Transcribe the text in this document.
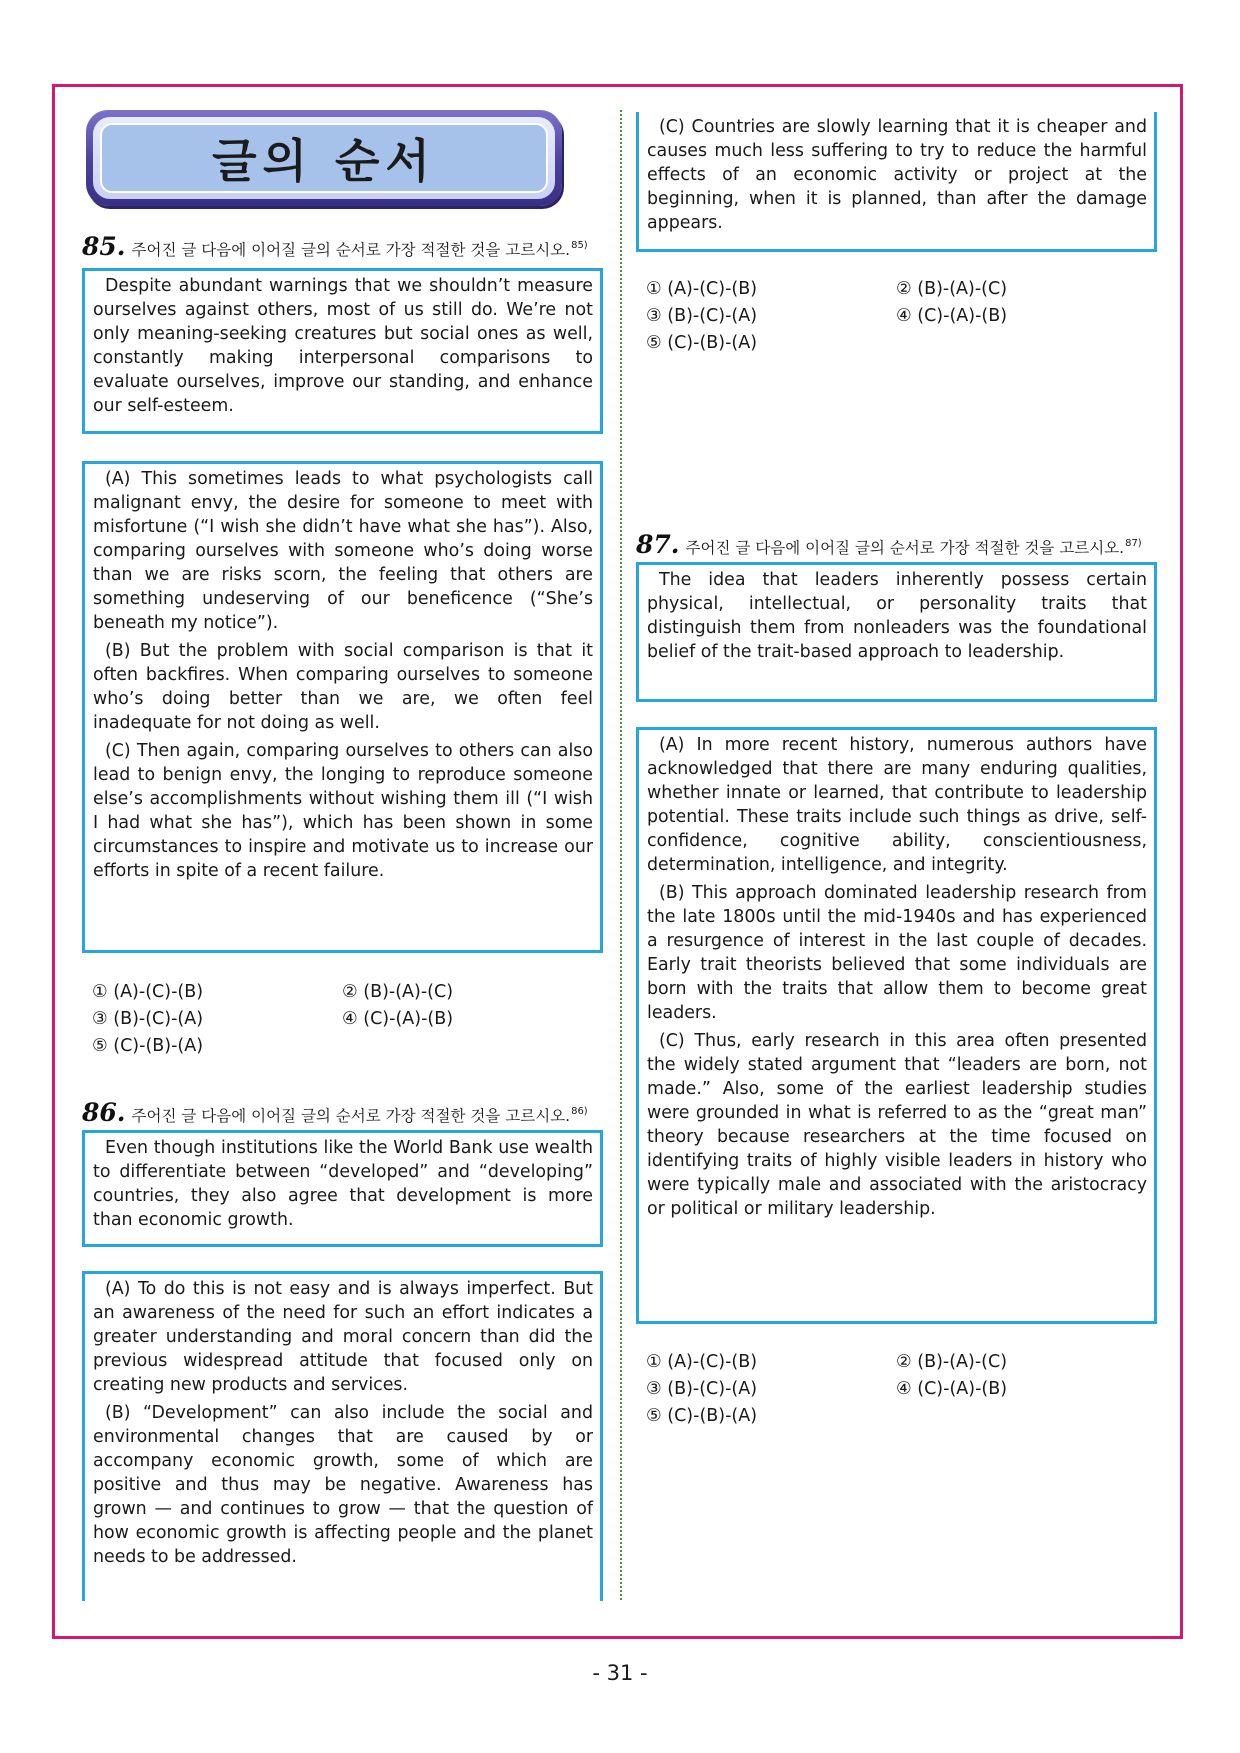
글의 순서
85. 주어진 글 다음에 이어질 글의 순서로 가장 적절한 것을 고르시오. 85)

Despite abundant warnings that we shouldn’t measure ourselves against others, most of us still do. We’re not only meaning-seeking creatures but social ones as well, constantly making interpersonal comparisons to evaluate ourselves, improve our standing, and enhance our self-esteem.

(A) This sometimes leads to what psychologists call malignant envy, the desire for someone to meet with misfortune (“I wish she didn’t have what she has”). Also, comparing ourselves with someone who’s doing worse than we are risks scorn, the feeling that others are something undeserving of our beneficence (“She’s beneath my notice”).

(B) But the problem with social comparison is that it often backfires. When comparing ourselves to someone who’s doing better than we are, we often feel inadequate for not doing as well.

(C) Then again, comparing ourselves to others can also lead to benign envy, the longing to reproduce someone else’s accomplishments without wishing them ill (“I wish I had what she has”), which has been shown in some circumstances to inspire and motivate us to increase our efforts in spite of a recent failure.

① (A)-(C)-(B)	② (B)-(A)-(C)
③ (B)-(C)-(A)	④ (C)-(A)-(B)
⑤ (C)-(B)-(A)
86. 주어진 글 다음에 이어질 글의 순서로 가장 적절한 것을 고르시오. 86)

Even though institutions like the World Bank use wealth to differentiate between “developed” and “developing” countries, they also agree that development is more than economic growth.

(A) To do this is not easy and is always imperfect. But an awareness of the need for such an effort indicates a greater understanding and moral concern than did the previous widespread attitude that focused only on creating new products and services.

(B) “Development” can also include the social and environmental changes that are caused by or accompany economic growth, some of which are positive and thus may be negative. Awareness has grown — and continues to grow — that the question of how economic growth is affecting people and the planet needs to be addressed.

(C) Countries are slowly learning that it is cheaper and causes much less suffering to try to reduce the harmful effects of an economic activity or project at the beginning, when it is planned, than after the damage appears.

① (A)-(C)-(B)	② (B)-(A)-(C)
③ (B)-(C)-(A)	④ (C)-(A)-(B)
⑤ (C)-(B)-(A)
87. 주어진 글 다음에 이어질 글의 순서로 가장 적절한 것을 고르시오. 87)

The idea that leaders inherently possess certain physical, intellectual, or personality traits that distinguish them from nonleaders was the foundational belief of the trait-based approach to leadership.

(A) In more recent history, numerous authors have acknowledged that there are many enduring qualities, whether innate or learned, that contribute to leadership potential. These traits include such things as drive, self-confidence, cognitive ability, conscientiousness, determination, intelligence, and integrity.

(B) This approach dominated leadership research from the late 1800s until the mid-1940s and has experienced a resurgence of interest in the last couple of decades. Early trait theorists believed that some individuals are born with the traits that allow them to become great leaders.

(C) Thus, early research in this area often presented the widely stated argument that “leaders are born, not made.” Also, some of the earliest leadership studies were grounded in what is referred to as the “great man” theory because researchers at the time focused on identifying traits of highly visible leaders in history who were typically male and associated with the aristocracy or political or military leadership.

① (A)-(C)-(B)	② (B)-(A)-(C)
③ (B)-(C)-(A)	④ (C)-(A)-(B)
⑤ (C)-(B)-(A)
- 31 -
